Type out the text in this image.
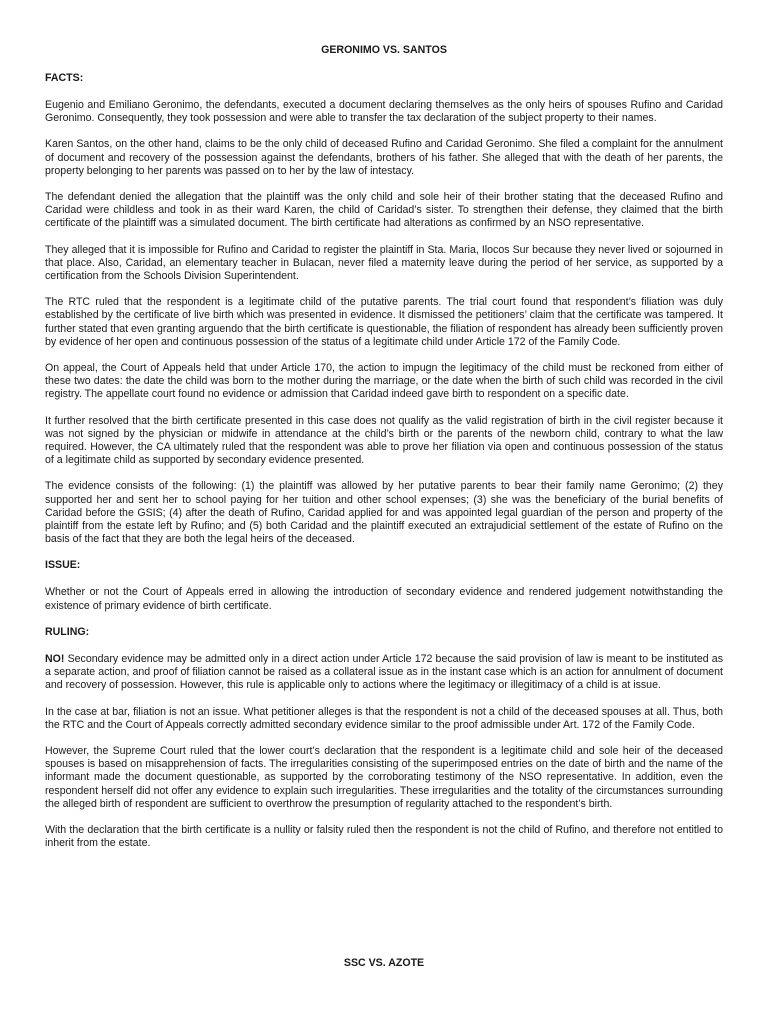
GERONIMO VS. SANTOS
FACTS:

Eugenio and Emiliano Geronimo, the defendants, executed a document declaring themselves as the only heirs of spouses Rufino and Caridad Geronimo. Consequently, they took possession and were able to transfer the tax declaration of the subject property to their names.

Karen Santos, on the other hand, claims to be the only child of deceased Rufino and Caridad Geronimo. She filed a complaint for the annulment of document and recovery of the possession against the defendants, brothers of his father. She alleged that with the death of her parents, the property belonging to her parents was passed on to her by the law of intestacy.

The defendant denied the allegation that the plaintiff was the only child and sole heir of their brother stating that the deceased Rufino and Caridad were childless and took in as their ward Karen, the child of Caridad’s sister. To strengthen their defense, they claimed that the birth certificate of the plaintiff was a simulated document. The birth certificate had alterations as confirmed by an NSO representative.

They alleged that it is impossible for Rufino and Caridad to register the plaintiff in Sta. Maria, Ilocos Sur because they never lived or sojourned in that place. Also, Caridad, an elementary teacher in Bulacan, never filed a maternity leave during the period of her service, as supported by a certification from the Schools Division Superintendent.

The RTC ruled that the respondent is a legitimate child of the putative parents. The trial court found that respondent’s filiation was duly established by the certificate of live birth which was presented in evidence. It dismissed the petitioners’ claim that the certificate was tampered. It further stated that even granting arguendo that the birth certificate is questionable, the filiation of respondent has already been sufficiently proven by evidence of her open and continuous possession of the status of a legitimate child under Article 172 of the Family Code.

On appeal, the Court of Appeals held that under Article 170, the action to impugn the legitimacy of the child must be reckoned from either of these two dates: the date the child was born to the mother during the marriage, or the date when the birth of such child was recorded in the civil registry. The appellate court found no evidence or admission that Caridad indeed gave birth to respondent on a specific date.

It further resolved that the birth certificate presented in this case does not qualify as the valid registration of birth in the civil register because it was not signed by the physician or midwife in attendance at the child’s birth or the parents of the newborn child, contrary to what the law required. However, the CA ultimately ruled that the respondent was able to prove her filiation via open and continuous possession of the status of a legitimate child as supported by secondary evidence presented.

The evidence consists of the following: (1) the plaintiff was allowed by her putative parents to bear their family name Geronimo; (2) they supported her and sent her to school paying for her tuition and other school expenses; (3) she was the beneficiary of the burial benefits of Caridad before the GSIS; (4) after the death of Rufino, Caridad applied for and was appointed legal guardian of the person and property of the plaintiff from the estate left by Rufino; and (5) both Caridad and the plaintiff executed an extrajudicial settlement of the estate of Rufino on the basis of the fact that they are both the legal heirs of the deceased.

ISSUE:

Whether or not the Court of Appeals erred in allowing the introduction of secondary evidence and rendered judgement notwithstanding the existence of primary evidence of birth certificate.

RULING:

NO! Secondary evidence may be admitted only in a direct action under Article 172 because the said provision of law is meant to be instituted as a separate action, and proof of filiation cannot be raised as a collateral issue as in the instant case which is an action for annulment of document and recovery of possession. However, this rule is applicable only to actions where the legitimacy or illegitimacy of a child is at issue.

In the case at bar, filiation is not an issue. What petitioner alleges is that the respondent is not a child of the deceased spouses at all. Thus, both the RTC and the Court of Appeals correctly admitted secondary evidence similar to the proof admissible under Art. 172 of the Family Code.

However, the Supreme Court ruled that the lower court’s declaration that the respondent is a legitimate child and sole heir of the deceased spouses is based on misapprehension of facts. The irregularities consisting of the superimposed entries on the date of birth and the name of the informant made the document questionable, as supported by the corroborating testimony of the NSO representative. In addition, even the respondent herself did not offer any evidence to explain such irregularities. These irregularities and the totality of the circumstances surrounding the alleged birth of respondent are sufficient to overthrow the presumption of regularity attached to the respondent’s birth.

With the declaration that the birth certificate is a nullity or falsity ruled then the respondent is not the child of Rufino, and therefore not entitled to inherit from the estate.

SSC VS. AZOTE
